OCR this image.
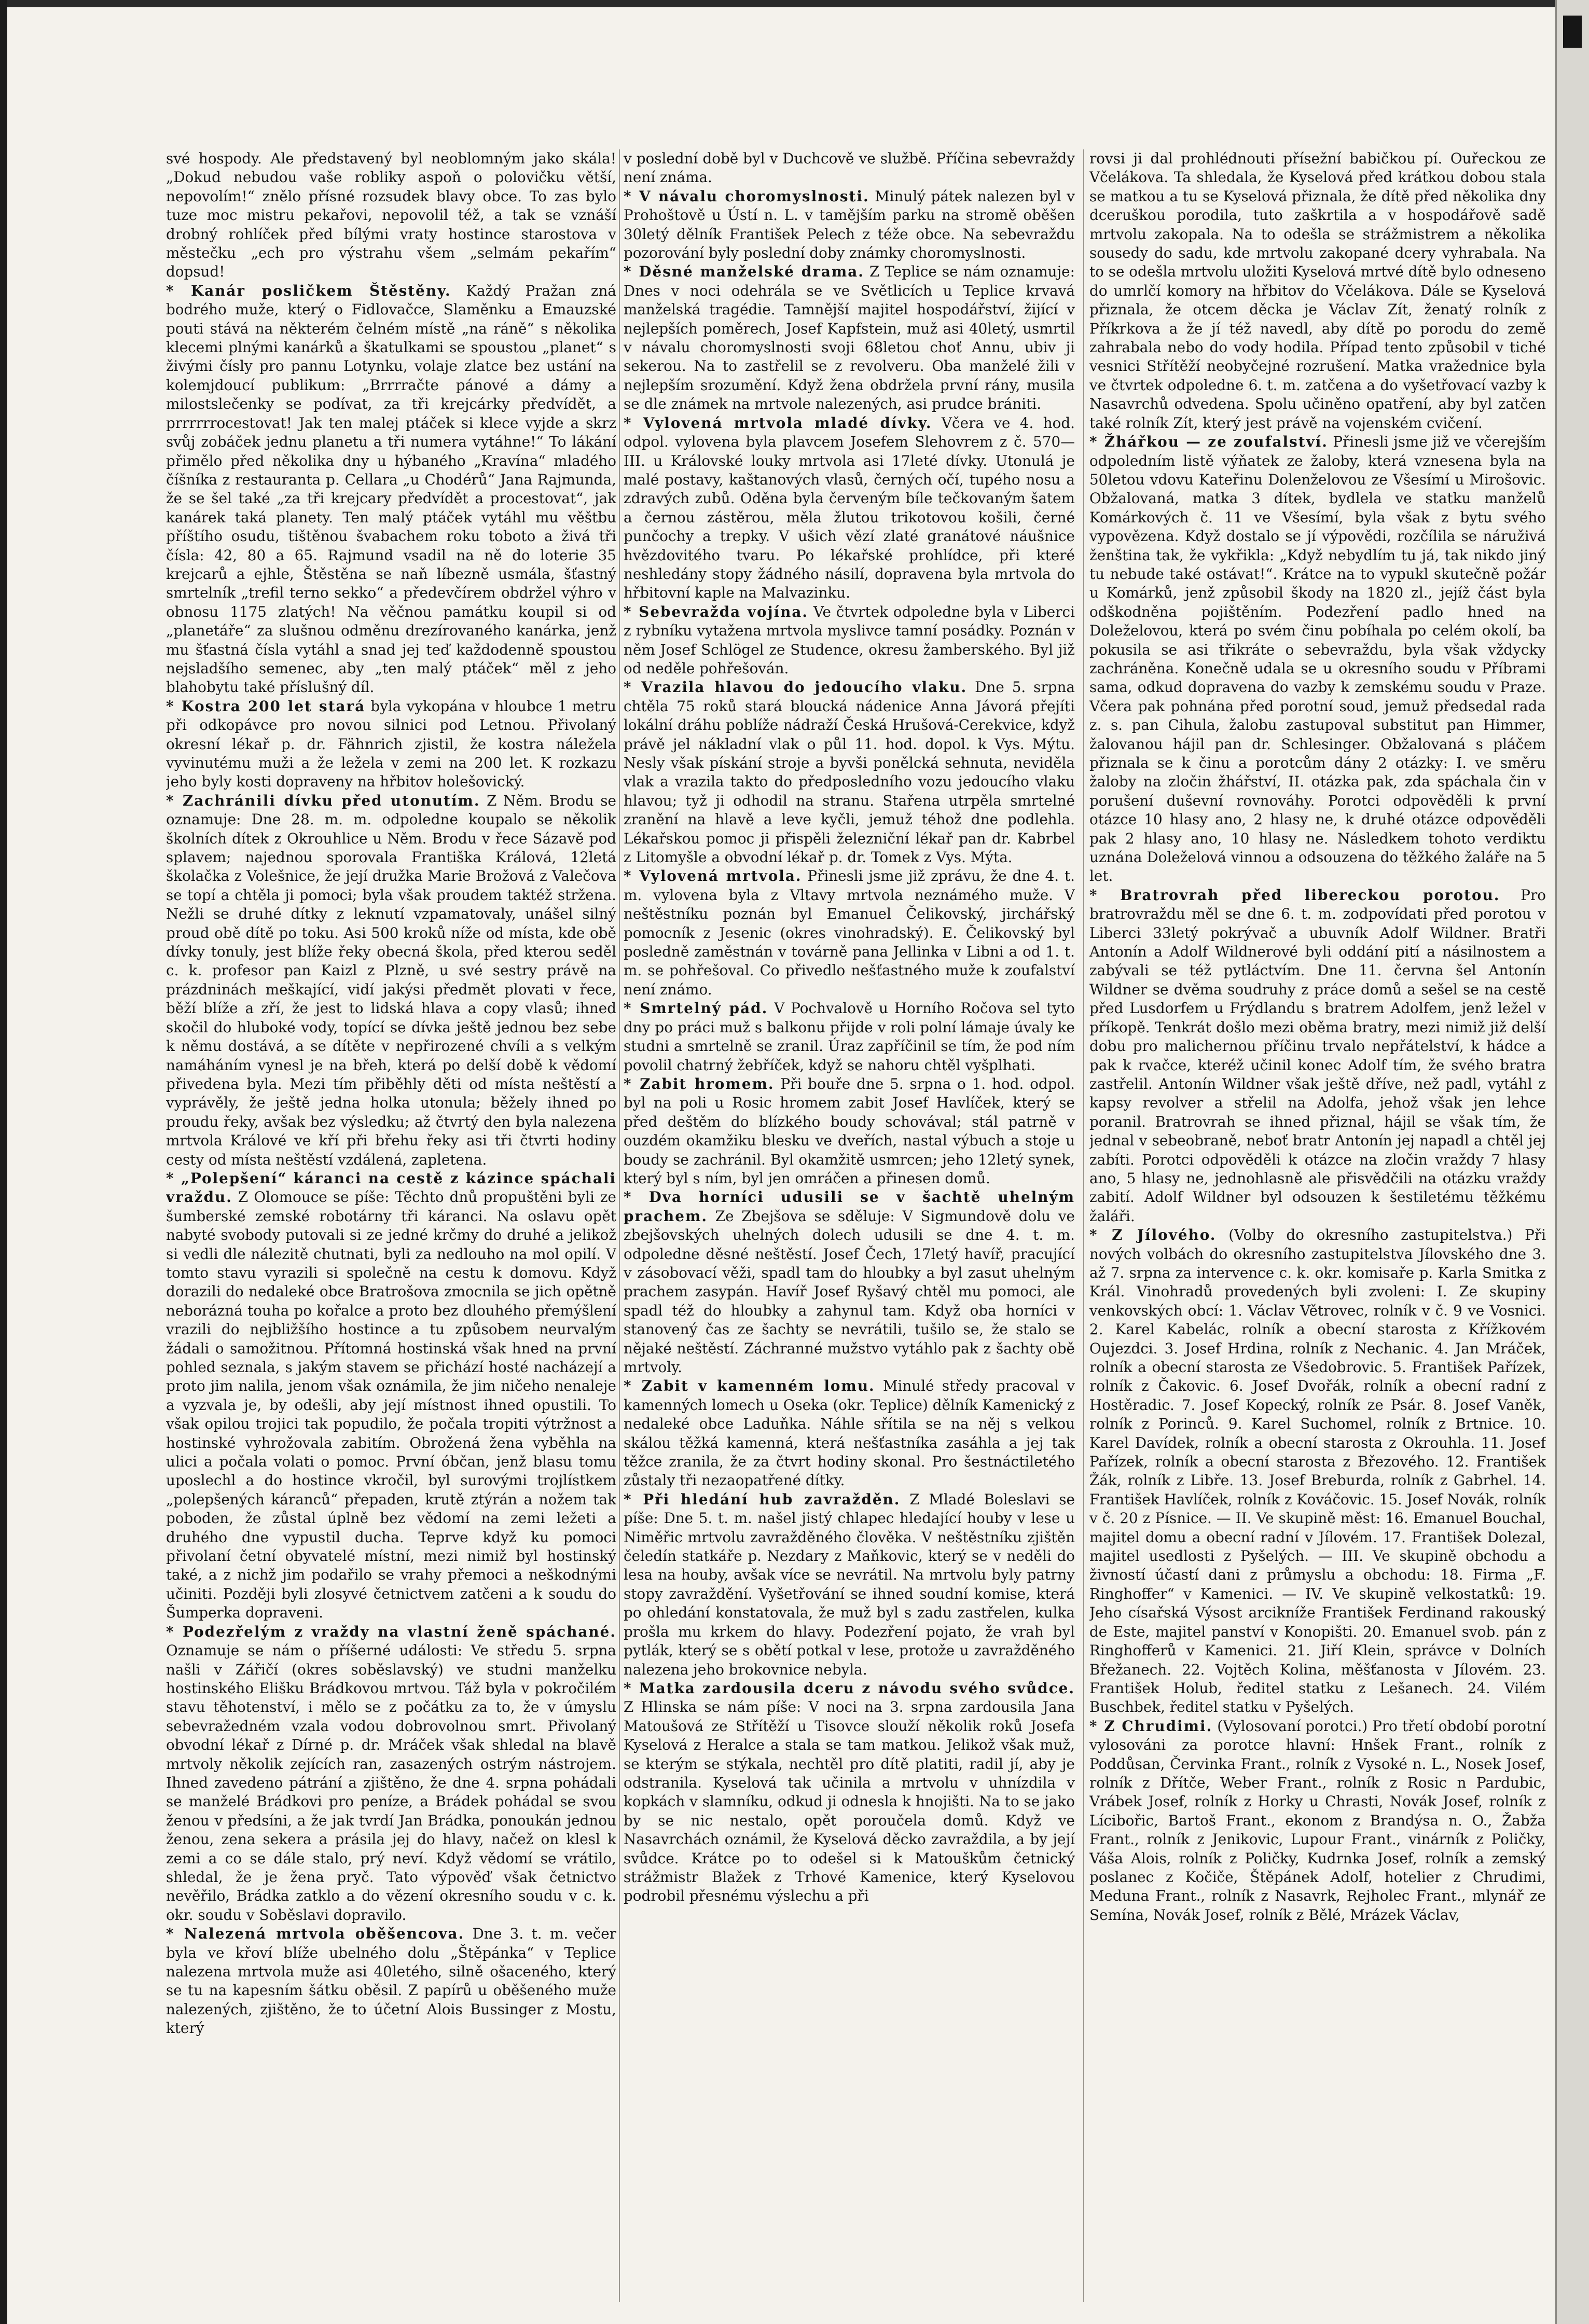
své hospody. Ale představený byl neoblomným jako skála! „Dokud nebudou vaše robliky aspoň o polovičku větší, nepovolím!“ znělo přísné rozsudek blavy obce. To zas bylo tuze moc mistru pekařovi, nepovolil též, a tak se vznáší drobný rohlíček před bílými vraty hostince starostova v městečku „ech pro výstrahu všem „selmám pekařím“ dopsud!

* Kanár posličkem Štěstěny. Každý Pražan zná bodrého muže, který o Fidlovačce, Slaměnku a Emauzské pouti stává na některém čelném místě „na ráně“ s několika klecemi plnými kanárků a škatulkami se spoustou „planet“ s živými čísly pro pannu Lotynku, volaje zlatce bez ustání na kolemjdoucí publikum: „Brrrračte pánové a dámy a milostslečenky se podívat, za tři krejcárky předvídět, a prrrrrrocestovat! Jak ten malej ptáček si klece vyjde a skrz svůj zobáček jednu planetu a tři numera vytáhne!“ To lákání přimělo před několika dny u hýbaného „Kravína“ mladého číšníka z restauranta p. Cellara „u Chodérů“ Jana Rajmunda, že se šel také „za tři krejcary předvídět a procestovat“, jak kanárek taká planety. Ten malý ptáček vytáhl mu věštbu příštího osudu, tištěnou švabachem roku toboto a živá tři čísla: 42, 80 a 65. Rajmund vsadil na ně do loterie 35 krejcarů a ejhle, Štěstěna se naň líbezně usmála, šťastný smrtelník „trefil terno sekko“ a předevčírem obdržel výhro v obnosu 1175 zlatých! Na věčnou památku koupil si od „planetáře“ za slušnou odměnu drezírovaného kanárka, jenž mu šťastná čísla vytáhl a snad jej teď každodenně spoustou nejsladšího semenec, aby „ten malý ptáček“ měl z jeho blahobytu také příslušný díl.

* Kostra 200 let stará byla vykopána v hloubce 1 metru při odkopávce pro novou silnici pod Letnou. Přivolaný okresní lékař p. dr. Fähnrich zjistil, že kostra náležela vyvinutému muži a že ležela v zemi na 200 let. K rozkazu jeho byly kosti dopraveny na hřbitov holešovický.

* Zachránili dívku před utonutím. Z Něm. Brodu se oznamuje: Dne 28. m. m. odpoledne koupalo se několik školních dítek z Okrouhlice u Něm. Brodu v řece Sázavě pod splavem; najednou sporovala Františka Králová, 12letá školačka z Volešnice, že její družka Marie Brožová z Valečova se topí a chtěla ji pomoci; byla však proudem taktéž stržena. Nežli se druhé dítky z leknutí vzpamatovaly, unášel silný proud obě dítě po toku. Asi 500 kroků níže od místa, kde obě dívky tonuly, jest blíže řeky obecná škola, před kterou seděl c. k. profesor pan Kaizl z Plzně, u své sestry právě na prázdninách meškající, vidí jakýsi předmět plovati v řece, běží blíže a zří, že jest to lidská hlava a copy vlasů; ihned skočil do hluboké vody, topící se dívka ještě jednou bez sebe k němu dostává, a se dítěte v nepřirozené chvíli a s velkým namáháním vynesl je na břeh, která po delší době k vědomí přivedena byla. Mezi tím přiběhly děti od místa neštěstí a vyprávěly, že ještě jedna holka utonula; běžely ihned po proudu řeky, avšak bez výsledku; až čtvrtý den byla nalezena mrtvola Králové ve kří při břehu řeky asi tři čtvrti hodiny cesty od místa neštěstí vzdálená, zapletena.

* „Polepšení“ káranci na cestě z kázince spáchali vraždu. Z Olomouce se píše: Těchto dnů propuštěni byli ze šumberské zemské robotárny tři káranci. Na oslavu opět nabyté svobody putovali si ze jedné krčmy do druhé a jelikož si vedli dle nálezitě chutnati, byli za nedlouho na mol opilí. V tomto stavu vyrazili si společně na cestu k domovu. Když dorazili do nedaleké obce Bratrošova zmocnila se jich opětně neborázná touha po kořalce a proto bez dlouhého přemýšlení vrazili do nejbližšího hostince a tu způsobem neurvalým žádali o samožitnou. Přítomná hostinská však hned na první pohled seznala, s jakým stavem se přichází hosté nacházejí a proto jim nalila, jenom však oznámila, že jim ničeho nenaleje a vyzvala je, by odešli, aby její místnost ihned opustili. To však opilou trojici tak popudilo, že počala tropiti výtržnost a hostinské vyhrožovala zabitím. Obrožená žena vyběhla na ulici a počala volati o pomoc. První óbčan, jenž blasu tomu uposlechl a do hostince vkročil, byl surovými trojlístkem „polepšených káranců“ přepaden, krutě ztýrán a nožem tak poboden, že zůstal úplně bez vědomí na zemi ležeti a druhého dne vypustil ducha. Teprve když ku pomoci přivolaní četní obyvatelé místní, mezi nimiž byl hostinský také, a z nichž jim podařilo se vrahy přemoci a neškodnými učiniti. Později byli zlosyvé četnictvem zatčeni a k soudu do Šumperka dopraveni.

* Podezřelým z vraždy na vlastní ženě spáchané. Oznamuje se nám o příšerné události: Ve středu 5. srpna našli v Zářičí (okres soběslavský) ve studni manželku hostinského Elišku Brádkovou mrtvou. Táž byla v pokročilém stavu těhotenství, i mělo se z počátku za to, že v úmyslu sebevražedném vzala vodou dobrovolnou smrt. Přivolaný obvodní lékař z Dírné p. dr. Mráček však shledal na blavě mrtvoly několik zejících ran, zasazených ostrým nástrojem. Ihned zavedeno pátrání a zjištěno, že dne 4. srpna pohádali se manželé Brádkovi pro peníze, a Brádek pohádal se svou ženou v předsíni, a že jak tvrdí Jan Brádka, ponoukán jednou ženou, zena sekera a prásila jej do hlavy, načež on klesl k zemi a co se dále stalo, prý neví. Když vědomí se vrátilo, shledal, že je žena pryč. Tato výpověď však četnictvo nevěřilo, Brádka zatklo a do vězení okresního soudu v c. k. okr. soudu v Soběslavi dopravilo.

* Nalezená mrtvola oběšencova. Dne 3. t. m. večer byla ve křoví blíže ubelného dolu „Štěpánka“ v Teplice nalezena mrtvola muže asi 40letého, silně ošaceného, který se tu na kapesním šátku oběsil. Z papírů u oběšeného muže nalezených, zjištěno, že to účetní Alois Bussinger z Mostu, který

v poslední době byl v Duchcově ve službě. Příčina sebevraždy není známa.

* V návalu choromyslnosti. Minulý pátek nalezen byl v Prohoštově u Ústí n. L. v tamějším parku na stromě oběšen 30letý dělník František Pelech z téže obce. Na sebevraždu pozorování byly poslední doby známky choromyslnosti.

* Děsné manželské drama. Z Teplice se nám oznamuje: Dnes v noci odehrála se ve Světlicích u Teplice krvavá manželská tragédie. Tamnější majitel hospodářství, žijící v nejlepších poměrech, Josef Kapfstein, muž asi 40letý, usmrtil v návalu choromyslnosti svoji 68letou choť Annu, ubiv ji sekerou. Na to zastřelil se z revolveru. Oba manželé žili v nejlepším srozumění. Když žena obdržela první rány, musila se dle známek na mrtvole nalezených, asi prudce brániti.

* Vylovená mrtvola mladé dívky. Včera ve 4. hod. odpol. vylovena byla plavcem Josefem Slehovrem z č. 570—III. u Královské louky mrtvola asi 17leté dívky. Utonulá je malé postavy, kaštanových vlasů, černých očí, tupého nosu a zdravých zubů. Oděna byla červeným bíle tečkovaným šatem a černou zástěrou, měla žlutou trikotovou košili, černé punčochy a trepky. V ušich vězí zlaté granátové náušnice hvězdovitého tvaru. Po lékařské prohlídce, při které neshledány stopy žádného násilí, dopravena byla mrtvola do hřbitovní kaple na Malvazinku.

* Sebevražda vojína. Ve čtvrtek odpoledne byla v Liberci z rybníku vytažena mrtvola myslivce tamní posádky. Poznán v něm Josef Schlögel ze Studence, okresu žamberského. Byl již od neděle pohřešován.

* Vrazila hlavou do jedoucího vlaku. Dne 5. srpna chtěla 75 roků stará bloucká nádenice Anna Jávorá přejíti lokální dráhu poblíže nádraží Česká Hrušová-Cerekvice, když právě jel nákladní vlak o půl 11. hod. dopol. k Vys. Mýtu. Nesly však pískání stroje a byvši ponělcká sehnuta, neviděla vlak a vrazila takto do předposledního vozu jedoucího vlaku hlavou; tyž ji odhodil na stranu. Stařena utrpěla smrtelné zranění na hlavě a leve kyčli, jemuž téhož dne podlehla. Lékařskou pomoc ji přispěli železniční lékař pan dr. Kabrbel z Litomyšle a obvodní lékař p. dr. Tomek z Vys. Mýta.

* Vylovená mrtvola. Přinesli jsme již zprávu, že dne 4. t. m. vylovena byla z Vltavy mrtvola neznámého muže. V neštěstníku poznán byl Emanuel Čelikovský, jirchářský pomocník z Jesenic (okres vinohradský). E. Čelikovský byl posledně zaměstnán v továrně pana Jellinka v Libni a od 1. t. m. se pohřešoval. Co přivedlo nešťastného muže k zoufalství není známo.

* Smrtelný pád. V Pochvalově u Horního Ročova sel tyto dny po práci muž s balkonu přijde v roli polní lámaje úvaly ke studni a smrtelně se zranil. Úraz zapříčinil se tím, že pod ním povolil chatrný žebříček, když se nahoru chtěl vyšplhati.

* Zabit hromem. Při bouře dne 5. srpna o 1. hod. odpol. byl na poli u Rosic hromem zabit Josef Havlíček, který se před deštěm do blízkého boudy schovával; stál patrně v ouzdém okamžiku blesku ve dveřích, nastal výbuch a stoje u boudy se zachránil. Byl okamžitě usmrcen; jeho 12letý synek, který byl s ním, byl jen omráčen a přinesen domů.

* Dva horníci udusili se v šachtě uhelným prachem. Ze Zbejšova se sděluje: V Sigmundově dolu ve zbejšovských uhelných dolech udusili se dne 4. t. m. odpoledne děsné neštěstí. Josef Čech, 17letý havíř, pracující v zásobovací věži, spadl tam do hloubky a byl zasut uhelným prachem zasypán. Havíř Josef Ryšavý chtěl mu pomoci, ale spadl též do hloubky a zahynul tam. Když oba horníci v stanovený čas ze šachty se nevrátili, tušilo se, že stalo se nějaké neštěstí. Záchranné mužstvo vytáhlo pak z šachty obě mrtvoly.

* Zabit v kamenném lomu. Minulé středy pracoval v kamenných lomech u Oseka (okr. Teplice) dělník Kamenický z nedaleké obce Laduňka. Náhle sřítila se na něj s velkou skálou těžká kamenná, která nešťastníka zasáhla a jej tak těžce zranila, že za čtvrt hodiny skonal. Pro šestnáctiletého zůstaly tři nezaopatřené dítky.

* Při hledání hub zavražděn. Z Mladé Boleslavi se píše: Dne 5. t. m. našel jistý chlapec hledající houby v lese u Niměřic mrtvolu zavražděného člověka. V neštěstníku zjištěn čeledín statkáře p. Nezdary z Maňkovic, který se v neděli do lesa na houby, avšak více se nevrátil. Na mrtvolu byly patrny stopy zavraždění. Vyšetřování se ihned soudní komise, která po ohledání konstatovala, že muž byl s zadu zastřelen, kulka prošla mu krkem do hlavy. Podezření pojato, že vrah byl pytlák, který se s obětí potkal v lese, protože u zavražděného nalezena jeho brokovnice nebyla.

* Matka zardousila dceru z návodu svého svůdce. Z Hlinska se nám píše: V noci na 3. srpna zardousila Jana Matoušová ze Střítěží u Tisovce slouží několik roků Josefa Kyselová z Heralce a stala se tam matkou. Jelikož však muž, se kterým se stýkala, nechtěl pro dítě platiti, radil jí, aby je odstranila. Kyselová tak učinila a mrtvolu v uhnízdila v kopkách v slamníku, odkud ji odnesla k hnojišti. Na to se jako by se nic nestalo, opět poroučela domů. Když ve Nasavrchách oznámil, že Kyselová děcko zavraždila, a by její svůdce. Krátce po to odešel si k Matouškům četnický strážmistr Blažek z Trhové Kamenice, který Kyselovou podrobil přesnému výslechu a při

rovsi ji dal prohlédnouti přísežní babičkou pí. Ouřeckou ze Včelákova. Ta shledala, že Kyselová před krátkou dobou stala se matkou a tu se Kyselová přiznala, že dítě před několika dny dceruškou porodila, tuto zaškrtila a v hospodářově sadě mrtvolu zakopala. Na to odešla se strážmistrem a několika sousedy do sadu, kde mrtvolu zakopané dcery vyhrabala. Na to se odešla mrtvolu uložiti Kyselová mrtvé dítě bylo odneseno do umrlčí komory na hřbitov do Včelákova. Dále se Kyselová přiznala, že otcem děcka je Václav Zít, ženatý rolník z Příkrkova a že jí též navedl, aby dítě po porodu do země zahrabala nebo do vody hodila. Případ tento způsobil v tiché vesnici Střítěží neobyčejné rozrušení. Matka vražednice byla ve čtvrtek odpoledne 6. t. m. zatčena a do vyšetřovací vazby k Nasavrchů odvedena. Spolu učiněno opatření, aby byl zatčen také rolník Zít, který jest právě na vojenském cvičení.

* Žhářkou — ze zoufalství. Přinesli jsme již ve včerejším odpoledním listě výňatek ze žaloby, která vznesena byla na 50letou vdovu Kateřinu Dolenželovou ze Všesímí u Mirošovic. Obžalovaná, matka 3 dítek, bydlela ve statku manželů Komárkových č. 11 ve Všesímí, byla však z bytu svého vypovězena. Když dostalo se jí výpovědi, rozčílila se náruživá ženština tak, že vykřikla: „Když nebydlím tu já, tak nikdo jiný tu nebude také ostávat!“. Krátce na to vypukl skutečně požár u Komárků, jenž způsobil škody na 1820 zl., jejíž část byla odškodněna pojištěním. Podezření padlo hned na Doleželovou, která po svém činu pobíhala po celém okolí, ba pokusila se asi třikráte o sebevraždu, byla však vždycky zachráněna. Konečně udala se u okresního soudu v Příbrami sama, odkud dopravena do vazby k zemskému soudu v Praze. Včera pak pohnána před porotní soud, jemuž předsedal rada z. s. pan Cihula, žalobu zastupoval substitut pan Himmer, žalovanou hájil pan dr. Schlesinger. Obžalovaná s pláčem přiznala se k činu a porotcům dány 2 otázky: I. ve směru žaloby na zločin žhářství, II. otázka pak, zda spáchala čin v porušení duševní rovnováhy. Porotci odpověděli k první otázce 10 hlasy ano, 2 hlasy ne, k druhé otázce odpověděli pak 2 hlasy ano, 10 hlasy ne. Následkem tohoto verdiktu uznána Doleželová vinnou a odsouzena do těžkého žaláře na 5 let.

* Bratrovrah před libereckou porotou. Pro bratrovraždu měl se dne 6. t. m. zodpovídati před porotou v Liberci 33letý pokrývač a ubuvník Adolf Wildner. Bratři Antonín a Adolf Wildnerové byli oddání pití a násilnostem a zabývali se též pytláctvím. Dne 11. června šel Antonín Wildner se dvěma soudruhy z práce domů a sešel se na cestě před Lusdorfem u Frýdlandu s bratrem Adolfem, jenž ležel v příkopě. Tenkrát došlo mezi oběma bratry, mezi nimiž již delší dobu pro malichernou příčinu trvalo nepřátelství, k hádce a pak k rvačce, kteréž učinil konec Adolf tím, že svého bratra zastřelil. Antonín Wildner však ještě dříve, než padl, vytáhl z kapsy revolver a střelil na Adolfa, jehož však jen lehce poranil. Bratrovrah se ihned přiznal, hájil se však tím, že jednal v sebeobraně, neboť bratr Antonín jej napadl a chtěl jej zabíti. Porotci odpověděli k otázce na zločin vraždy 7 hlasy ano, 5 hlasy ne, jednohlasně ale přisvědčili na otázku vraždy zabití. Adolf Wildner byl odsouzen k šestiletému těžkému žaláři.

* Z Jílového. (Volby do okresního zastupitelstva.) Při nových volbách do okresního zastupitelstva Jílovského dne 3. až 7. srpna za intervence c. k. okr. komisaře p. Karla Smitka z Král. Vinohradů provedených byli zvoleni: I. Ze skupiny venkovských obcí: 1. Václav Větrovec, rolník v č. 9 ve Vosnici. 2. Karel Kabelác, rolník a obecní starosta z Křížkovém Oujezdci. 3. Josef Hrdina, rolník z Nechanic. 4. Jan Mráček, rolník a obecní starosta ze Všedobrovic. 5. František Pařízek, rolník z Čakovic. 6. Josef Dvořák, rolník a obecní radní z Hostěradic. 7. Josef Kopecký, rolník ze Psár. 8. Josef Vaněk, rolník z Porinců. 9. Karel Suchomel, rolník z Brtnice. 10. Karel Davídek, rolník a obecní starosta z Okrouhla. 11. Josef Pařízek, rolník a obecní starosta z Březového. 12. František Žák, rolník z Libře. 13. Josef Breburda, rolník z Gabrhel. 14. František Havlíček, rolník z Kováčovic. 15. Josef Novák, rolník v č. 20 z Písnice. — II. Ve skupině měst: 16. Emanuel Bouchal, majitel domu a obecní radní v Jílovém. 17. František Dolezal, majitel usedlosti z Pyšelých. — III. Ve skupině obchodu a živností účastí dani z průmyslu a obchodu: 18. Firma „F. Ringhoffer“ v Kamenici. — IV. Ve skupině velkostatků: 19. Jeho císařská Výsost arcikníže František Ferdinand rakouský de Este, majitel panství v Konopišti. 20. Emanuel svob. pán z Ringhofferů v Kamenici. 21. Jiří Klein, správce v Dolních Břežanech. 22. Vojtěch Kolina, měšťanosta v Jílovém. 23. František Holub, ředitel statku z Lešanech. 24. Vilém Buschbek, ředitel statku v Pyšelých.

* Z Chrudimi. (Vylosovaní porotci.) Pro třetí období porotní vylosováni za porotce hlavní: Hnšek Frant., rolník z Poddůsan, Červinka Frant., rolník z Vysoké n. L., Nosek Josef, rolník z Dřítče, Weber Frant., rolník z Rosic n Pardubic, Vrábek Josef, rolník z Horky u Chrasti, Novák Josef, rolník z Lícibořic, Bartoš Frant., ekonom z Brandýsa n. O., Žabža Frant., rolník z Jenikovic, Lupour Frant., vinárník z Poličky, Váša Alois, rolník z Poličky, Kudrnka Josef, rolník a zemský poslanec z Kočiče, Štěpánek Adolf, hotelier z Chrudimi, Meduna Frant., rolník z Nasavrk, Rejholec Frant., mlynář ze Semína, Novák Josef, rolník z Bělé, Mrázek Václav,
